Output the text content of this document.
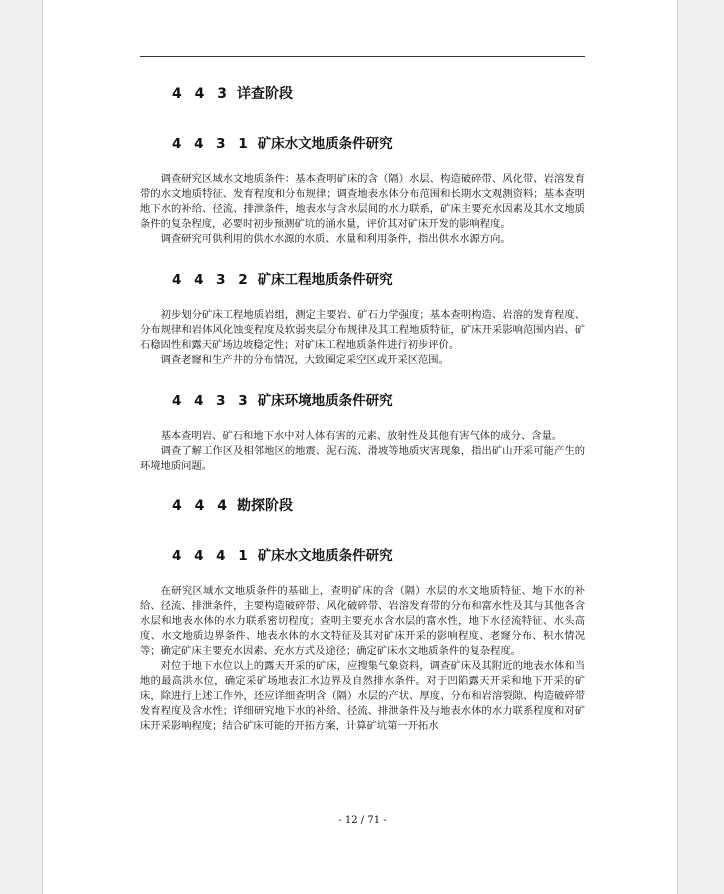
4 4 3 详查阶段
4 4 3 1 矿床水文地质条件研究

调查研究区域水文地质条件：基本查明矿床的含（隔）水层、构造破碎带、风化带、岩溶发育带的水文地质特征、发育程度和分布规律；调查地表水体分布范围和长期水文观测资料；基本查明地下水的补给、径流、排泄条件，地表水与含水层间的水力联系，矿床主要充水因素及其水文地质条件的复杂程度，必要时初步预测矿坑的涌水量，评价其对矿床开发的影响程度。

调查研究可供利用的供水水源的水质、水量和利用条件，指出供水水源方向。

4 4 3 2 矿床工程地质条件研究

初步划分矿床工程地质岩组，测定主要岩、矿石力学强度；基本查明构造、岩溶的发育程度、分布规律和岩体风化蚀变程度及软弱夹层分布规律及其工程地质特征，矿床开采影响范围内岩、矿石稳固性和露天矿场边坡稳定性；对矿床工程地质条件进行初步评价。

调查老窿和生产井的分布情况，大致圈定采空区或开采区范围。

4 4 3 3 矿床环境地质条件研究

基本查明岩、矿石和地下水中对人体有害的元素、放射性及其他有害气体的成分、含量。

调查了解工作区及相邻地区的地震、泥石流、滑坡等地质灾害现象，指出矿山开采可能产生的环境地质问题。

4 4 4 勘探阶段
4 4 4 1 矿床水文地质条件研究

在研究区域水文地质条件的基础上，查明矿床的含（隔）水层的水文地质特征、地下水的补给、径流、排泄条件，主要构造破碎带、风化破碎带、岩溶发育带的分布和富水性及其与其他各含水层和地表水体的水力联系密切程度；查明主要充水含水层的富水性，地下水径流特征、水头高度、水文地质边界条件、地表水体的水文特征及其对矿床开采的影响程度、老窿分布、积水情况等；确定矿床主要充水因素、充水方式及途径；确定矿床水文地质条件的复杂程度。

对位于地下水位以上的露天开采的矿床，应搜集气象资料，调查矿床及其附近的地表水体和当地的最高洪水位，确定采矿场地表汇水边界及自然排水条件。对于凹陷露天开采和地下开采的矿床，除进行上述工作外，还应详细查明含（隔）水层的产状、厚度、分布和岩溶裂隙、构造破碎带发育程度及含水性；详细研究地下水的补给、径流、排泄条件及与地表水体的水力联系程度和对矿床开采影响程度；结合矿床可能的开拓方案，计算矿坑第一开拓水

- 12 / 71 -
